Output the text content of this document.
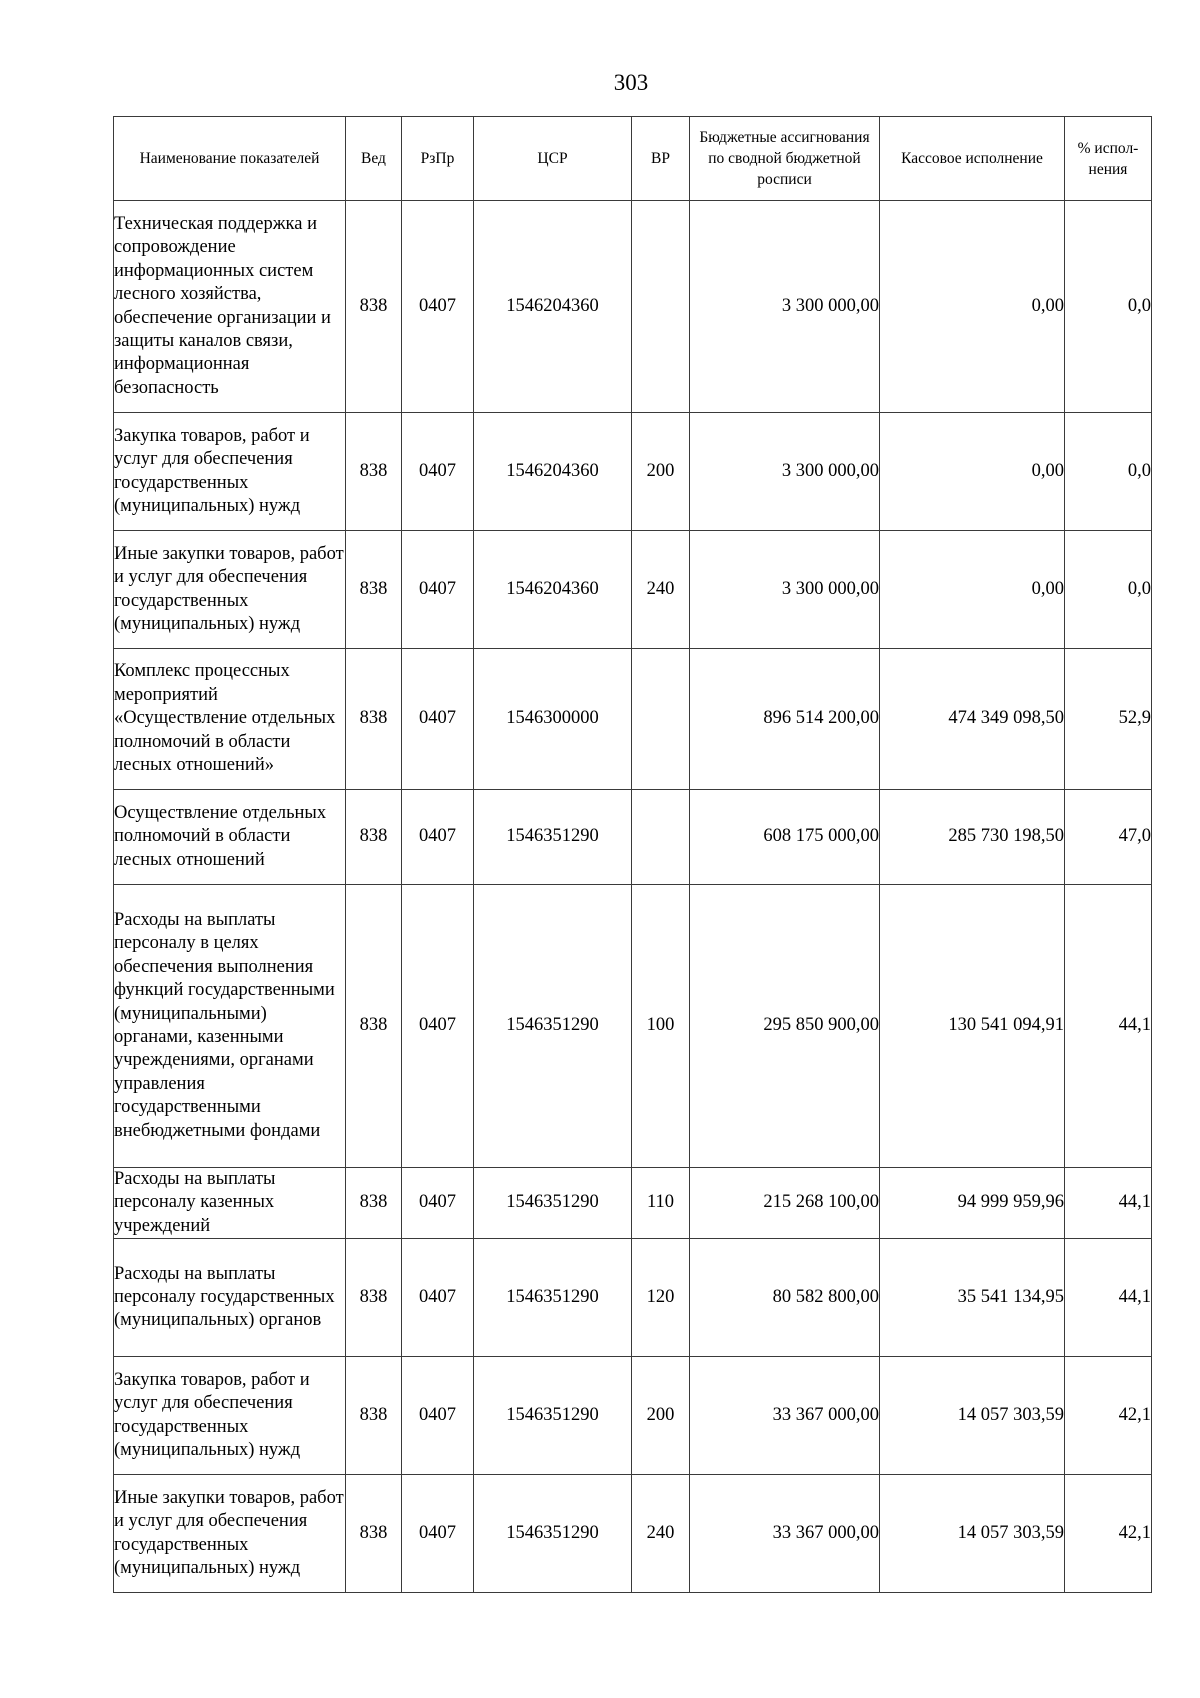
303
Наименование показателей	Вед	РзПр	ЦСР	ВР	Бюджетные ассигнования по сводной бюджетной росписи	Кассовое исполнение	% испол-нения
Техническая поддержка и сопровождение информационных систем лесного хозяйства, обеспечение организации и защиты каналов связи, информационная безопасность	838	0407	1546204360		3 300 000,00	0,00	0,0
Закупка товаров, работ и услуг для обеспечения государственных (муниципальных) нужд	838	0407	1546204360	200	3 300 000,00	0,00	0,0
Иные закупки товаров, работ и услуг для обеспечения государственных (муниципальных) нужд	838	0407	1546204360	240	3 300 000,00	0,00	0,0
Комплекс процессных мероприятий «Осуществление отдельных полномочий в области лесных отношений»	838	0407	1546300000		896 514 200,00	474 349 098,50	52,9
Осуществление отдельных полномочий в области лесных отношений	838	0407	1546351290		608 175 000,00	285 730 198,50	47,0
Расходы на выплаты персоналу в целях обеспечения выполнения функций государственными (муниципальными) органами, казенными учреждениями, органами управления государственными внебюджетными фондами	838	0407	1546351290	100	295 850 900,00	130 541 094,91	44,1
Расходы на выплаты персоналу казенных учреждений	838	0407	1546351290	110	215 268 100,00	94 999 959,96	44,1
Расходы на выплаты персоналу государственных (муниципальных) органов	838	0407	1546351290	120	80 582 800,00	35 541 134,95	44,1
Закупка товаров, работ и услуг для обеспечения государственных (муниципальных) нужд	838	0407	1546351290	200	33 367 000,00	14 057 303,59	42,1
Иные закупки товаров, работ и услуг для обеспечения государственных (муниципальных) нужд	838	0407	1546351290	240	33 367 000,00	14 057 303,59	42,1
